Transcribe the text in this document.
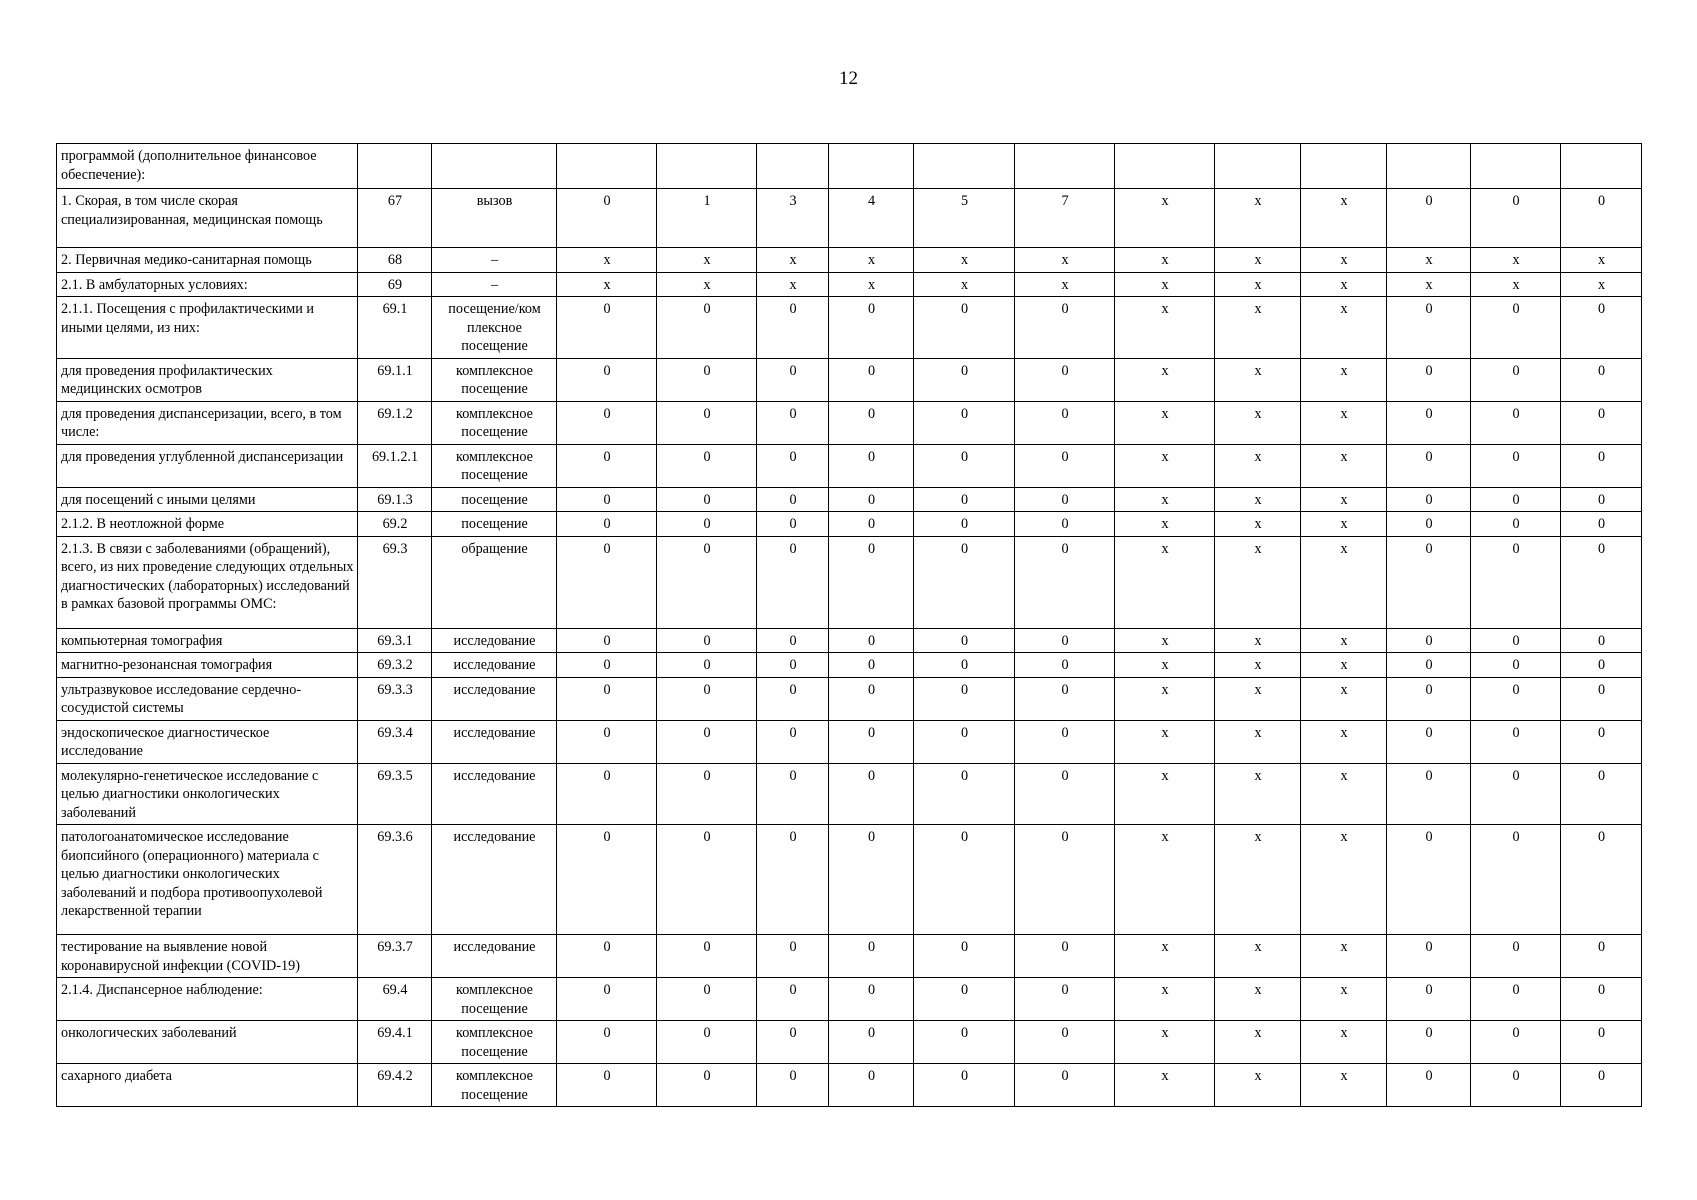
12
программой (дополнительное финансовое обеспечение):														
1. Скорая, в том числе скорая специализированная, медицинская помощь	67	вызов	0	1	3	4	5	7	x	x	x	0	0	0
2. Первичная медико-санитарная помощь	68	–	x	x	x	x	x	x	x	x	x	x	x	x
2.1. В амбулаторных условиях:	69	–	x	x	x	x	x	x	x	x	x	x	x	x
2.1.1. Посещения с профилактическими и иными целями, из них:	69.1	посещение/ком плексное посещение	0	0	0	0	0	0	x	x	x	0	0	0
для проведения профилактических медицинских осмотров	69.1.1	комплексное посещение	0	0	0	0	0	0	x	x	x	0	0	0
для проведения диспансеризации, всего, в том числе:	69.1.2	комплексное посещение	0	0	0	0	0	0	x	x	x	0	0	0
для проведения углубленной диспансеризации	69.1.2.1	комплексное посещение	0	0	0	0	0	0	x	x	x	0	0	0
для посещений с иными целями	69.1.3	посещение	0	0	0	0	0	0	x	x	x	0	0	0
2.1.2. В неотложной форме	69.2	посещение	0	0	0	0	0	0	x	x	x	0	0	0
2.1.3. В связи с заболеваниями (обращений), всего, из них проведение следующих отдельных диагностических (лабораторных) исследований в рамках базовой программы ОМС:	69.3	обращение	0	0	0	0	0	0	x	x	x	0	0	0
компьютерная томография	69.3.1	исследование	0	0	0	0	0	0	x	x	x	0	0	0
магнитно-резонансная томография	69.3.2	исследование	0	0	0	0	0	0	x	x	x	0	0	0
ультразвуковое исследование сердечно-сосудистой системы	69.3.3	исследование	0	0	0	0	0	0	x	x	x	0	0	0
эндоскопическое диагностическое исследование	69.3.4	исследование	0	0	0	0	0	0	x	x	x	0	0	0
молекулярно-генетическое исследование с целью диагностики онкологических заболеваний	69.3.5	исследование	0	0	0	0	0	0	x	x	x	0	0	0
патологоанатомическое исследование биопсийного (операционного) материала с целью диагностики онкологических заболеваний и подбора противоопухолевой лекарственной терапии	69.3.6	исследование	0	0	0	0	0	0	x	x	x	0	0	0
тестирование на выявление новой коронавирусной инфекции (COVID-19)	69.3.7	исследование	0	0	0	0	0	0	x	x	x	0	0	0
2.1.4. Диспансерное наблюдение:	69.4	комплексное посещение	0	0	0	0	0	0	x	x	x	0	0	0
онкологических заболеваний	69.4.1	комплексное посещение	0	0	0	0	0	0	x	x	x	0	0	0
сахарного диабета	69.4.2	комплексное посещение	0	0	0	0	0	0	x	x	x	0	0	0
